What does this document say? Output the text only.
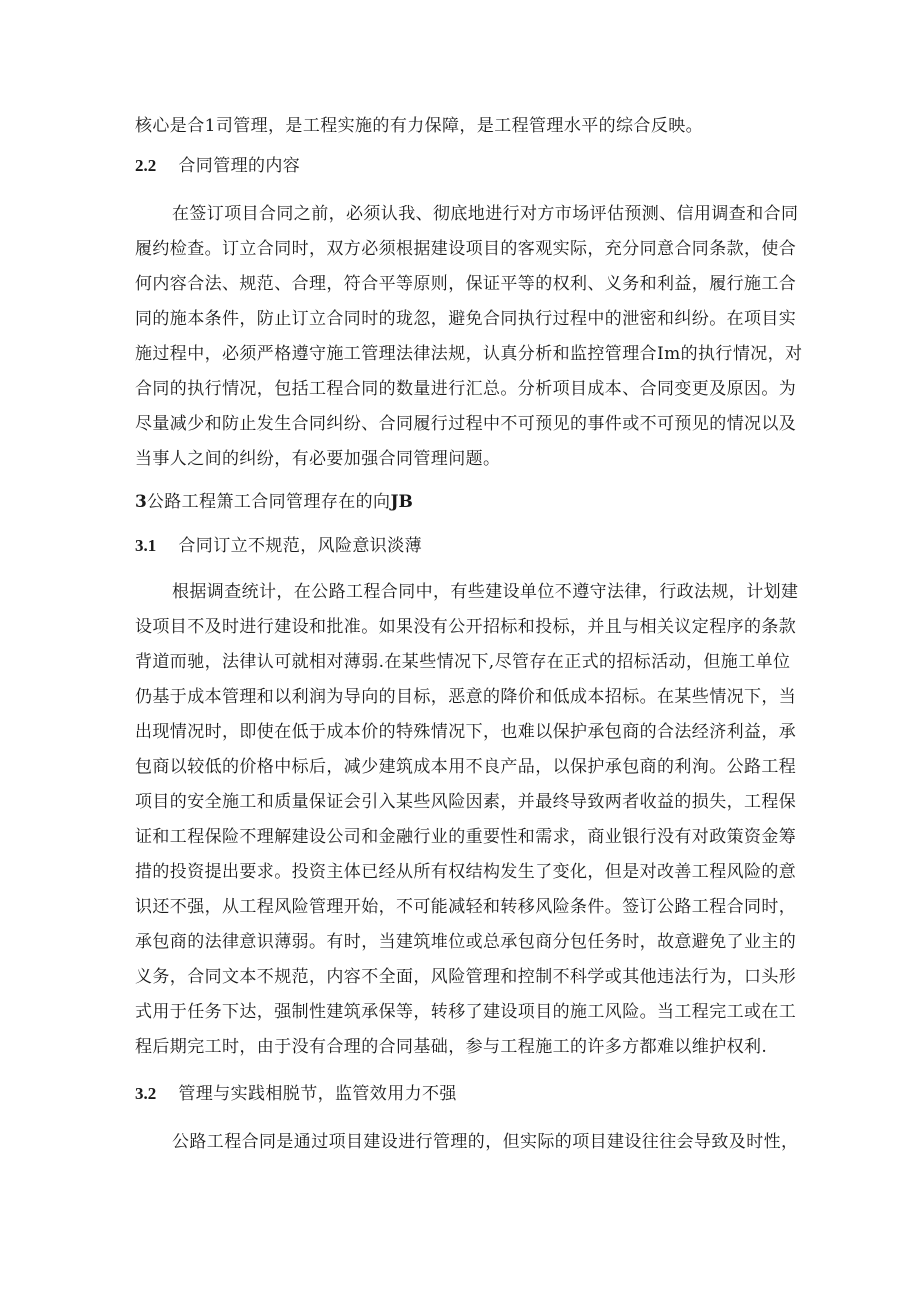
核心是合1司管理，是工程实施的有力保障，是工程管理水平的综合反映。
2.2 合同管理的内容
在签订项目合同之前，必须认我、彻底地进行对方市场评估预测、信用调查和合同
履约检查。订立合同时，双方必须根据建设项目的客观实际，充分同意合同条款，使合
何内容合法、规范、合理，符合平等原则，保证平等的权利、义务和利益，履行施工合
同的施本条件，防止订立合同时的珑忽，避免合同执行过程中的泄密和纠纷。在项目实
施过程中，必须严格遵守施工管理法律法规，认真分析和监控管理合Im的执行情况，对
合同的执行情况，包括工程合同的数量进行汇总。分析项目成本、合同变更及原因。为
尽量减少和防止发生合同纠纷、合同履行过程中不可预见的事件或不可预见的情况以及
当事人之间的纠纷，有必要加强合同管理问题。
3公路工程箫工合同管理存在的向JB
3.1 合同订立不规范，风险意识淡薄
根据调查统计，在公路工程合同中，有些建设单位不遵守法律，行政法规，计划建
设项目不及时进行建设和批准。如果没有公开招标和投标，并且与相关议定程序的条款
背道而驰，法律认可就相对薄弱.在某些情况下,尽管存在正式的招标活动，但施工单位
仍基于成本管理和以利润为导向的目标，恶意的降价和低成本招标。在某些情况下，当
出现情况时，即使在低于成本价的特殊情况下，也难以保护承包商的合法经济利益，承
包商以较低的价格中标后，减少建筑成本用不良产品，以保护承包商的利洵。公路工程
项目的安全施工和质量保证会引入某些风险因素，并最终导致两者收益的损失，工程保
证和工程保险不理解建设公司和金融行业的重要性和需求，商业银行没有对政策资金筹
措的投资提出要求。投资主体已经从所有权结构发生了变化，但是对改善工程风险的意
识还不强，从工程风险管理开始，不可能减轻和转移风险条件。签订公路工程合同时，
承包商的法律意识薄弱。有时，当建筑堆位或总承包商分包任务时，故意避免了业主的
义务，合同文本不规范，内容不全面，风险管理和控制不科学或其他违法行为，口头形
式用于任务下达，强制性建筑承保等，转移了建设项目的施工风险。当工程完工或在工
程后期完工时，由于没有合理的合同基础，参与工程施工的许多方都难以维护权利.
3.2 管理与实践相脱节，监管效用力不强
公路工程合同是通过项目建设进行管理的，但实际的项目建设往往会导致及时性，
